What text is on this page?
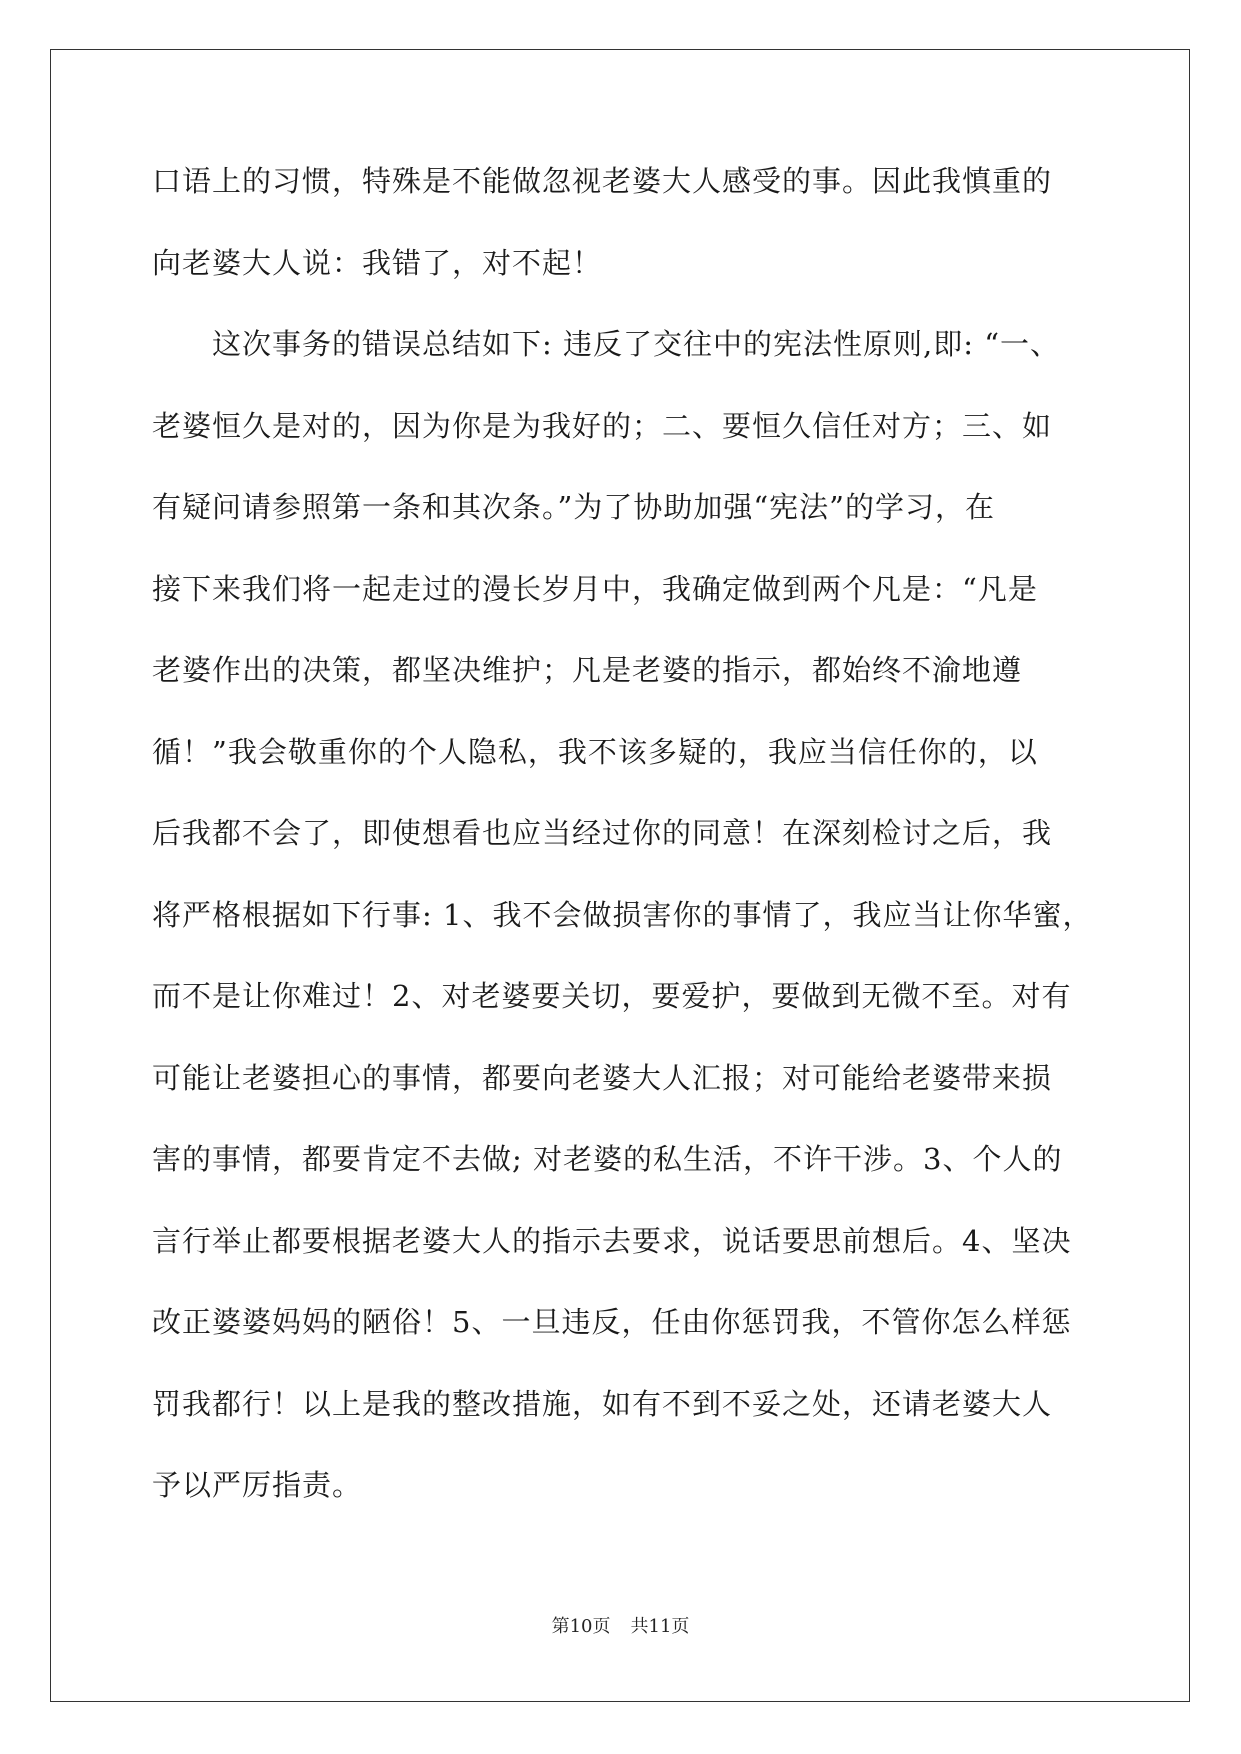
口语上的习惯，特殊是不能做忽视老婆大人感受的事。因此我慎重的
向老婆大人说：我错了，对不起！
　　这次事务的错误总结如下: 违反了交往中的宪法性原则,即: “一、
老婆恒久是对的，因为你是为我好的；二、要恒久信任对方；三、如
有疑问请参照第一条和其次条。”为了协助加强“宪法”的学习，在
接下来我们将一起走过的漫长岁月中，我确定做到两个凡是：“凡是
老婆作出的决策，都坚决维护；凡是老婆的指示，都始终不渝地遵
循！”我会敬重你的个人隐私，我不该多疑的，我应当信任你的，以
后我都不会了，即使想看也应当经过你的同意！在深刻检讨之后，我
将严格根据如下行事: 1、我不会做损害你的事情了，我应当让你华蜜，
而不是让你难过！2、对老婆要关切，要爱护，要做到无微不至。对有
可能让老婆担心的事情，都要向老婆大人汇报；对可能给老婆带来损
害的事情，都要肯定不去做; 对老婆的私生活，不许干涉。3、个人的
言行举止都要根据老婆大人的指示去要求，说话要思前想后。4、坚决
改正婆婆妈妈的陋俗！5、一旦违反，任由你惩罚我，不管你怎么样惩
罚我都行！以上是我的整改措施，如有不到不妥之处，还请老婆大人
予以严厉指责。
第10页 共11页
